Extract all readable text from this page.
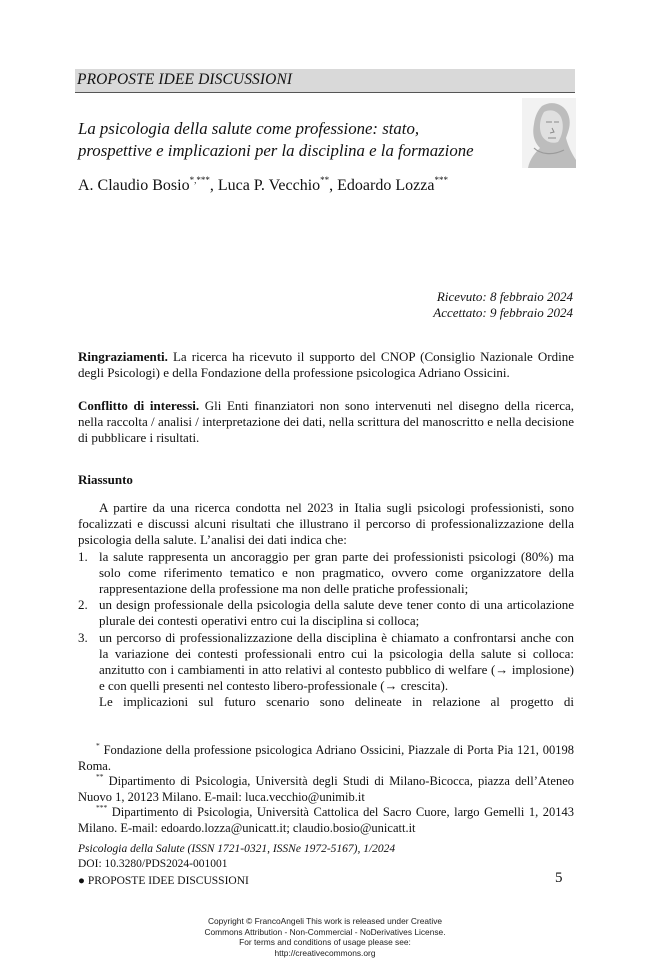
PROPOSTE IDEE DISCUSSIONI
La psicologia della salute come professione: stato,
prospettive e implicazioni per la disciplina e la formazione
A. Claudio Bosio*,***, Luca P. Vecchio**, Edoardo Lozza***
Ricevuto: 8 febbraio 2024
Accettato: 9 febbraio 2024
Ringraziamenti. La ricerca ha ricevuto il supporto del CNOP (Consiglio Nazionale Ordine degli Psicologi) e della Fondazione della professione psicologica Adriano Ossicini.
Conflitto di interessi. Gli Enti finanziatori non sono intervenuti nel disegno della ricerca, nella raccolta / analisi / interpretazione dei dati, nella scrittura del manoscritto e nella decisione di pubblicare i risultati.
Riassunto

A partire da una ricerca condotta nel 2023 in Italia sugli psicologi professionisti, sono focalizzati e discussi alcuni risultati che illustrano il percorso di professionalizzazione della psicologia della salute. L’analisi dei dati indica che:

1. la salute rappresenta un ancoraggio per gran parte dei professionisti psicologi (80%) ma solo come riferimento tematico e non pragmatico, ovvero come organizzatore della rappresentazione della professione ma non delle pratiche professionali;
2. un design professionale della psicologia della salute deve tener conto di una articolazione plurale dei contesti operativi entro cui la disciplina si colloca;
3. un percorso di professionalizzazione della disciplina è chiamato a confrontarsi anche con la variazione dei contesti professionali entro cui la psicologia della salute si colloca: anzitutto con i cambiamenti in atto relativi al contesto pubblico di welfare (→ implosione) e con quelli presenti nel contesto libero-professionale (→ crescita).

Le implicazioni sul futuro scenario sono delineate in relazione al progetto di

* Fondazione della professione psicologica Adriano Ossicini, Piazzale di Porta Pia 121, 00198 Roma.
** Dipartimento di Psicologia, Università degli Studi di Milano-Bicocca, piazza dell’Ateneo Nuovo 1, 20123 Milano. E-mail: luca.vecchio@unimib.it
*** Dipartimento di Psicologia, Università Cattolica del Sacro Cuore, largo Gemelli 1, 20143 Milano. E-mail: edoardo.lozza@unicatt.it; claudio.bosio@unicatt.it
Psicologia della Salute (ISSN 1721-0321, ISSNe 1972-5167), 1/2024
DOI: 10.3280/PDS2024-001001
● PROPOSTE IDEE DISCUSSIONI	5
Copyright © FrancoAngeli This work is released under Creative
Commons Attribution - Non-Commercial - NoDerivatives License.
For terms and conditions of usage please see:
http://creativecommons.org
